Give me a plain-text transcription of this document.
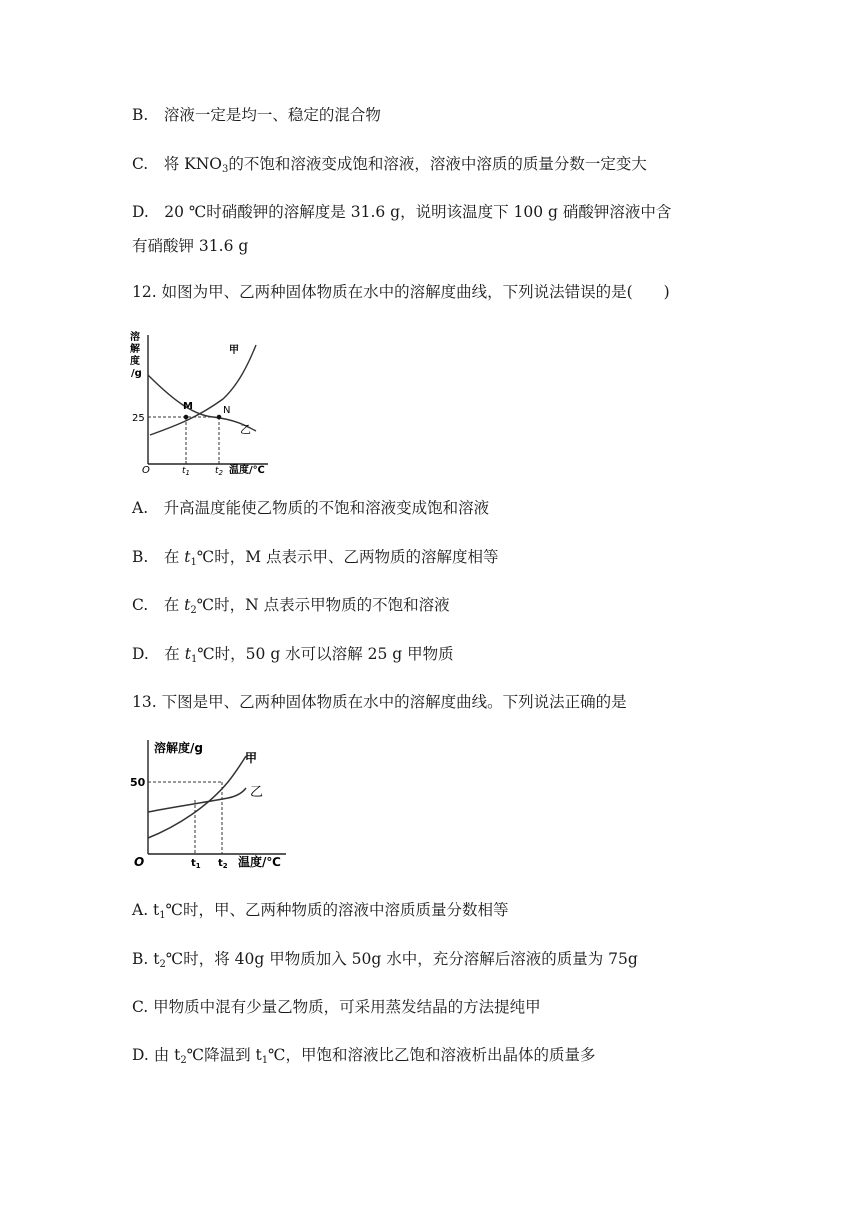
B.　溶液一定是均一、稳定的混合物
C.　将 $KNO_3$的不饱和溶液变成饱和溶液，溶液中溶质的质量分数一定变大
D.　20 ℃时硝酸钾的溶解度是 31.6 g，说明该温度下 100 g 硝酸钾溶液中含
有硝酸钾 31.6 g
12. 如图为甲、乙两种固体物质在水中的溶解度曲线，下列说法错误的是(　　)
溶
解
度
/g
25
O	$t_1$	$t_2$ 温度/℃
M	N
甲
乙
A.　升高温度能使乙物质的不饱和溶液变成饱和溶液
B.　在 $t_1℃$时，M 点表示甲、乙两物质的溶解度相等
C.　在 $t_2℃$时，N 点表示甲物质的不饱和溶液
D.　在 $t_1℃$时，50 g 水可以溶解 25 g 甲物质
13. 下图是甲、乙两种固体物质在水中的溶解度曲线。下列说法正确的是
溶解度/g
50
O	$t_1$ $t_2$ 温度/℃
甲
乙
A. $t_1℃$时，甲、乙两种物质的溶液中溶质质量分数相等
B. $t_2℃$时，将 40g 甲物质加入 50g 水中，充分溶解后溶液的质量为 75g
C. 甲物质中混有少量乙物质，可采用蒸发结晶的方法提纯甲
D. 由 $t_2℃$降温到 $t_1℃$，甲饱和溶液比乙饱和溶液析出晶体的质量多
